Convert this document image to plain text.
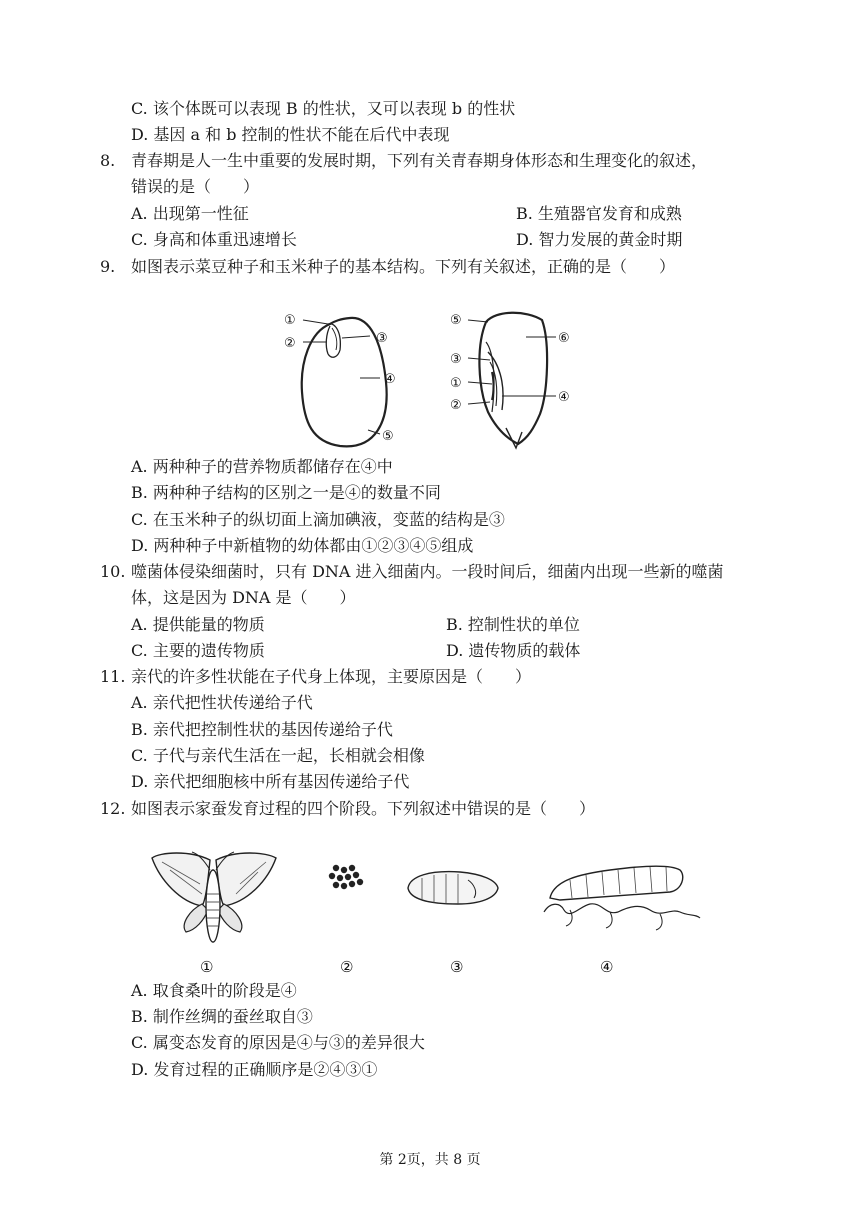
C. 该个体既可以表现 B 的性状，又可以表现 b 的性状
D. 基因 a 和 b 控制的性状不能在后代中表现
8. 青春期是人一生中重要的发展时期，下列有关青春期身体形态和生理变化的叙述，
错误的是（　　）
A. 出现第一性征	B. 生殖器官发育和成熟
C. 身高和体重迅速增长	D. 智力发展的黄金时期
9. 如图表示菜豆种子和玉米种子的基本结构。下列有关叙述，正确的是（　　）
①
②	③
④
⑤
⑤
⑥
③
①
②
④
A. 两种种子的营养物质都储存在④中
B. 两种种子结构的区别之一是④的数量不同
C. 在玉米种子的纵切面上滴加碘液，变蓝的结构是③
D. 两种种子中新植物的幼体都由①②③④⑤组成
10. 噬菌体侵染细菌时，只有 DNA 进入细菌内。一段时间后，细菌内出现一些新的噬菌
体，这是因为 DNA 是（　　）
A. 提供能量的物质	B. 控制性状的单位
C. 主要的遗传物质	D. 遗传物质的载体
11. 亲代的许多性状能在子代身上体现，主要原因是（　　）
A. 亲代把性状传递给子代
B. 亲代把控制性状的基因传递给子代
C. 子代与亲代生活在一起，长相就会相像
D. 亲代把细胞核中所有基因传递给子代
12. 如图表示家蚕发育过程的四个阶段。下列叙述中错误的是（　　）
①	②	③	④
A. 取食桑叶的阶段是④
B. 制作丝绸的蚕丝取自③
C. 属变态发育的原因是④与③的差异很大
D. 发育过程的正确顺序是②④③①
第 2页，共 8 页
